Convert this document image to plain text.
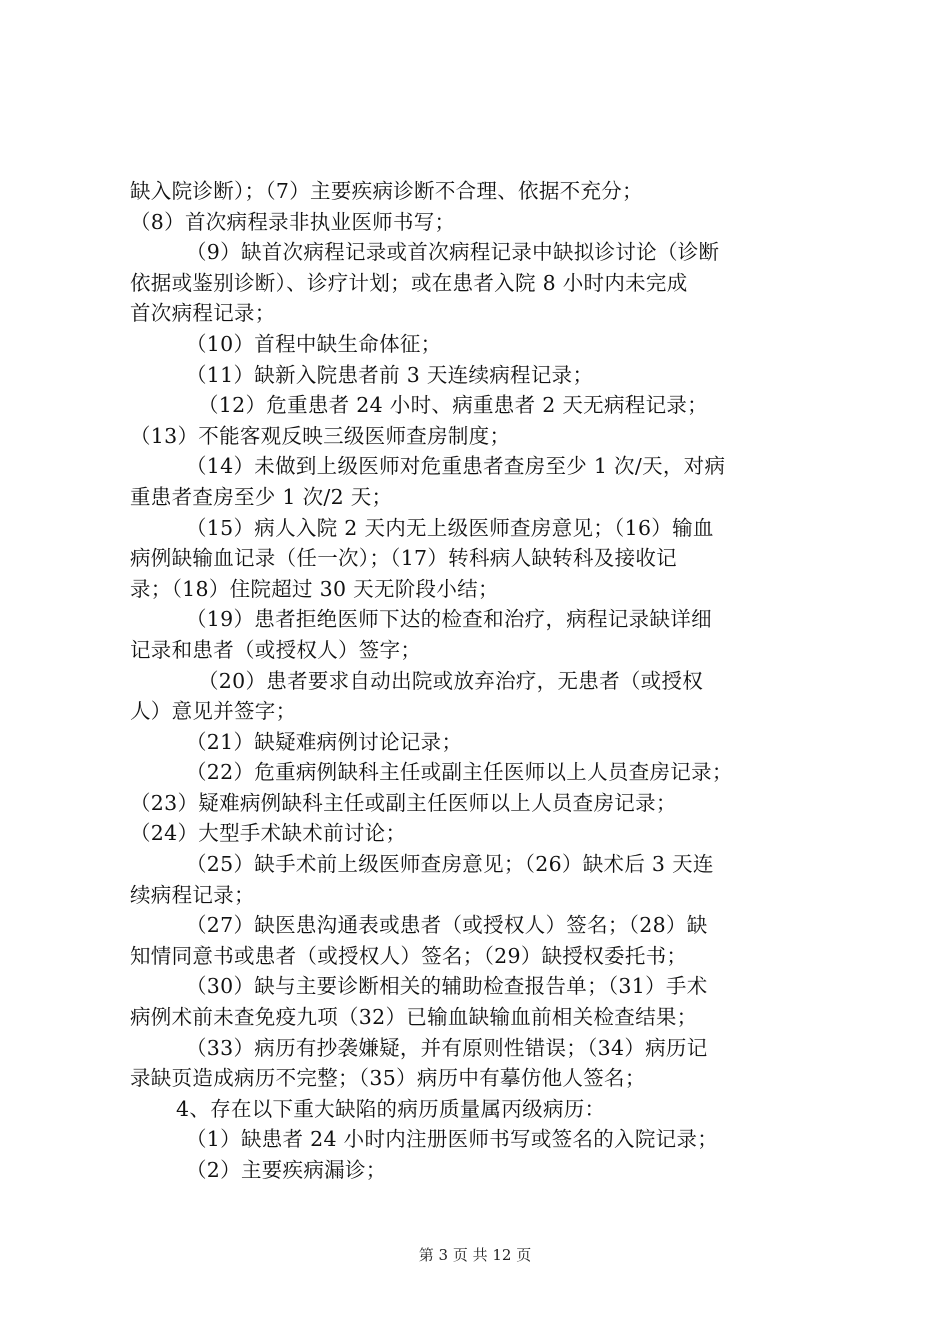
缺入院诊断）；（7）主要疾病诊断不合理、依据不充分；
（8）首次病程录非执业医师书写；
（9）缺首次病程记录或首次病程记录中缺拟诊讨论（诊断
依据或鉴别诊断）、诊疗计划；或在患者入院 8 小时内未完成
首次病程记录；
（10）首程中缺生命体征；
（11）缺新入院患者前 3 天连续病程记录；
（12）危重患者 24 小时、病重患者 2 天无病程记录；
（13）不能客观反映三级医师查房制度；
（14）未做到上级医师对危重患者查房至少 1 次/天，对病
重患者查房至少 1 次/2 天；
（15）病人入院 2 天内无上级医师查房意见；（16）输血
病例缺输血记录（任一次）；（17）转科病人缺转科及接收记
录；（18）住院超过 30 天无阶段小结；
（19）患者拒绝医师下达的检查和治疗，病程记录缺详细
记录和患者（或授权人）签字；
（20）患者要求自动出院或放弃治疗，无患者（或授权
人）意见并签字；
（21）缺疑难病例讨论记录；
（22）危重病例缺科主任或副主任医师以上人员查房记录；
（23）疑难病例缺科主任或副主任医师以上人员查房记录；
（24）大型手术缺术前讨论；
（25）缺手术前上级医师查房意见；（26）缺术后 3 天连
续病程记录；
（27）缺医患沟通表或患者（或授权人）签名；（28）缺
知情同意书或患者（或授权人）签名；（29）缺授权委托书；
（30）缺与主要诊断相关的辅助检查报告单；（31）手术
病例术前未查免疫九项（32）已输血缺输血前相关检查结果；
（33）病历有抄袭嫌疑，并有原则性错误；（34）病历记
录缺页造成病历不完整；（35）病历中有摹仿他人签名；
4、存在以下重大缺陷的病历质量属丙级病历：
（1）缺患者 24 小时内注册医师书写或签名的入院记录；
（2）主要疾病漏诊；
第 3 页 共 12 页
